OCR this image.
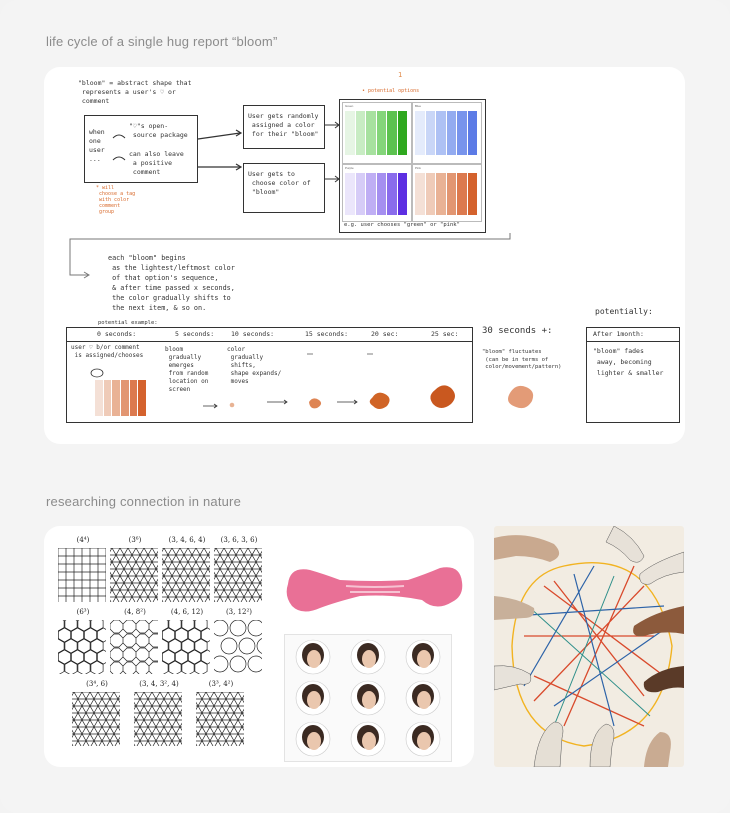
life cycle of a single hug report “bloom”
"bloom" = abstract shape that
represents a user's ♡ or
comment
when
one
user
...
"♡"s open-
source package
can also leave
a positive
comment
* will
choose a tag
with color
comment
group
User gets randomly
assigned a color
for their "bloom"
User gets to
choose color of
"bloom"
1
• potential options
Green	Blue
Purple	Pink
e.g. user chooses "green" or "pink"
each "bloom" begins
as the lightest/leftmost color
of that option's sequence,
& after time passed x seconds,
the color gradually shifts to
the next item, & so on.
potential example:
0 seconds:	5 seconds:	10 seconds:	15 seconds:	20 sec:	25 sec:
user ♡ b/or comment
is assigned/chooses
bloom
gradually
emerges
from random
location on
screen
color
gradually
shifts,
shape expands/
moves
30 seconds +:
"bloom" fluctuates
(can be in terms of
color/movement/pattern)
potentially:
After 1month:
"bloom" fades
away, becoming
lighter & smaller
researching connection in nature
(4⁴)	(3⁶)	(3, 4, 6, 4)	(3, 6, 3, 6)
(6³)	(4, 8²)	(4, 6, 12)	(3, 12²)
(3⁴, 6)	(3, 4, 3², 4)	(3³, 4²)
